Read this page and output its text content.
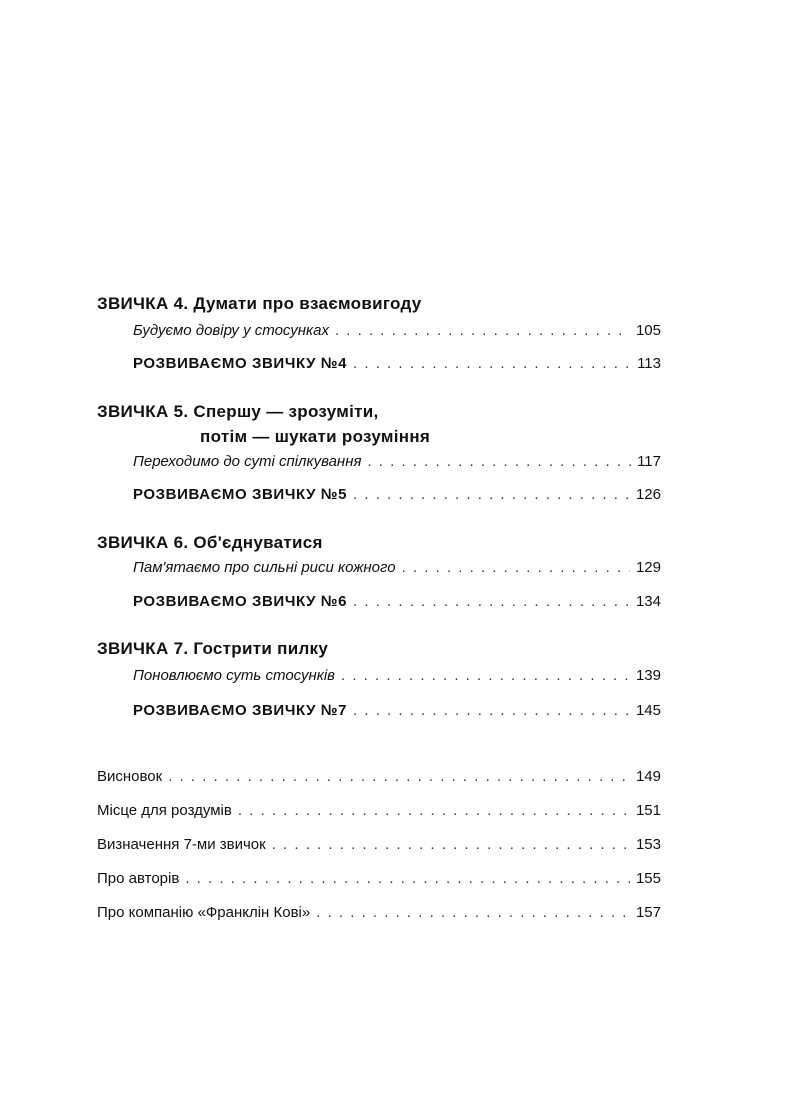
ЗВИЧКА 4. Думати про взаємовигоду
Будуємо довіру у стосунках . . .	105
РОЗВИВАЄМО ЗВИЧКУ №4 . . .	113
ЗВИЧКА 5. Спершу — зрозуміти,
потім — шукати розуміння
Переходимо до суті спілкування . . .	117
РОЗВИВАЄМО ЗВИЧКУ №5 . . .	126
ЗВИЧКА 6. Об'єднуватися
Пам'ятаємо про сильні риси кожного . . .	129
РОЗВИВАЄМО ЗВИЧКУ №6 . . .	134
ЗВИЧКА 7. Гострити пилку
Поновлюємо суть стосунків . . .	139
РОЗВИВАЄМО ЗВИЧКУ №7 . . .	145
Висновок . . .	149
Місце для роздумів . . .	151
Визначення 7-ми звичок . . .	153
Про авторів . . .	155
Про компанію «Франклін Кові» . . .	157
